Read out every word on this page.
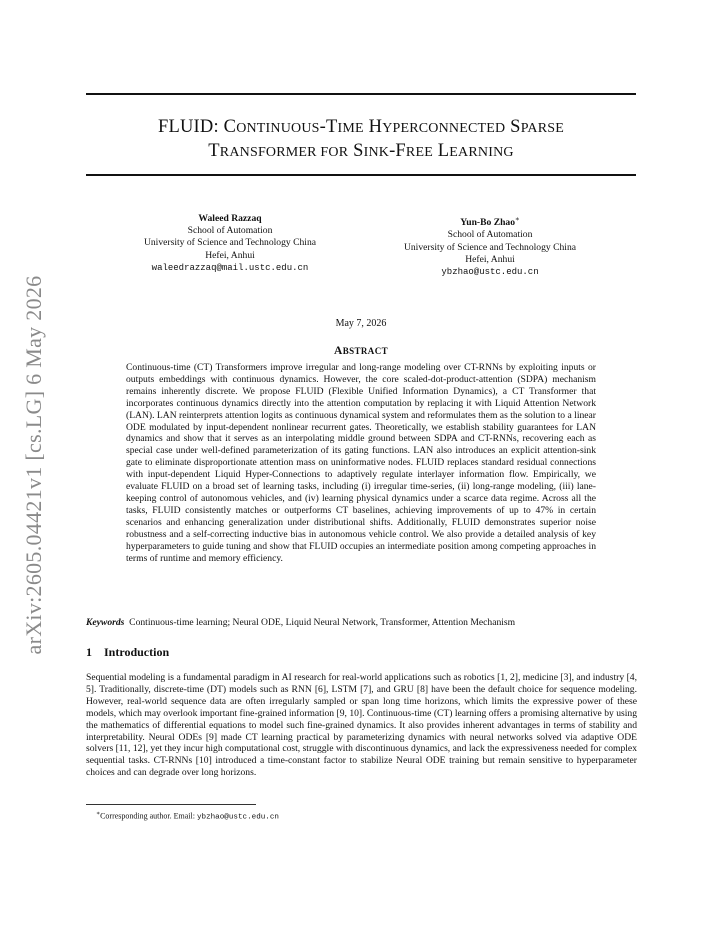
arXiv:2605.04421v1 [cs.LG] 6 May 2026
FLUID: CONTINUOUS-TIME HYPERCONNECTED SPARSE
TRANSFORMER FOR SINK-FREE LEARNING
Waleed Razzaq
School of Automation
University of Science and Technology China
Hefei, Anhui
waleedrazzaq@mail.ustc.edu.cn
Yun-Bo Zhao∗
School of Automation
University of Science and Technology China
Hefei, Anhui
ybzhao@ustc.edu.cn
May 7, 2026
ABSTRACT
Continuous-time (CT) Transformers improve irregular and long-range modeling over CT-RNNs by exploiting inputs or outputs embeddings with continuous dynamics. However, the core scaled-dot-product-attention (SDPA) mechanism remains inherently discrete. We propose FLUID (Flexible Unified Information Dynamics), a CT Transformer that incorporates continuous dynamics directly into the attention computation by replacing it with Liquid Attention Network (LAN). LAN reinterprets attention logits as continuous dynamical system and reformulates them as the solution to a linear ODE modulated by input-dependent nonlinear recurrent gates. Theoretically, we establish stability guarantees for LAN dynamics and show that it serves as an interpolating middle ground between SDPA and CT-RNNs, recovering each as special case under well-defined parameterization of its gating functions. LAN also introduces an explicit attention-sink gate to eliminate disproportionate attention mass on uninformative nodes. FLUID replaces standard residual connections with input-dependent Liquid Hyper-Connections to adaptively regulate interlayer information flow. Empirically, we evaluate FLUID on a broad set of learning tasks, including (i) irregular time-series, (ii) long-range modeling, (iii) lane-keeping control of autonomous vehicles, and (iv) learning physical dynamics under a scarce data regime. Across all the tasks, FLUID consistently matches or outperforms CT baselines, achieving improvements of up to 47% in certain scenarios and enhancing generalization under distributional shifts. Additionally, FLUID demonstrates superior noise robustness and a self-correcting inductive bias in autonomous vehicle control. We also provide a detailed analysis of key hyperparameters to guide tuning and show that FLUID occupies an intermediate position among competing approaches in terms of runtime and memory efficiency.
Keywords Continuous-time learning; Neural ODE, Liquid Neural Network, Transformer, Attention Mechanism
1 Introduction
Sequential modeling is a fundamental paradigm in AI research for real-world applications such as robotics [1, 2], medicine [3], and industry [4, 5]. Traditionally, discrete-time (DT) models such as RNN [6], LSTM [7], and GRU [8] have been the default choice for sequence modeling. However, real-world sequence data are often irregularly sampled or span long time horizons, which limits the expressive power of these models, which may overlook important fine-grained information [9, 10]. Continuous-time (CT) learning offers a promising alternative by using the mathematics of differential equations to model such fine-grained dynamics. It also provides inherent advantages in terms of stability and interpretability. Neural ODEs [9] made CT learning practical by parameterizing dynamics with neural networks solved via adaptive ODE solvers [11, 12], yet they incur high computational cost, struggle with discontinuous dynamics, and lack the expressiveness needed for complex sequential tasks. CT-RNNs [10] introduced a time-constant factor to stabilize Neural ODE training but remain sensitive to hyperparameter choices and can degrade over long horizons.
∗Corresponding author. Email: ybzhao@ustc.edu.cn
